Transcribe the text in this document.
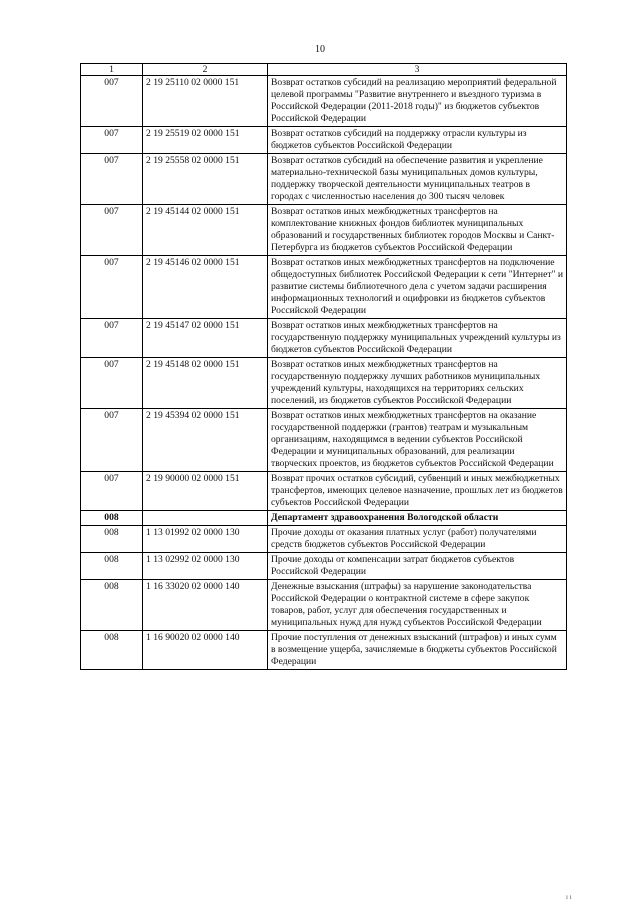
10
1	2	3
007	2 19 25110 02 0000 151	Возврат остатков субсидий на реализацию мероприятий федеральной целевой программы "Развитие внутреннего и въездного туризма в Российской Федерации (2011-2018 годы)" из бюджетов субъектов Российской Федерации
007	2 19 25519 02 0000 151	Возврат остатков субсидий на поддержку отрасли культуры из бюджетов субъектов Российской Федерации
007	2 19 25558 02 0000 151	Возврат остатков субсидий на обеспечение развития и укрепление материально-технической базы муниципальных домов культуры, поддержку творческой деятельности муниципальных театров в городах с численностью населения до 300 тысяч человек
007	2 19 45144 02 0000 151	Возврат остатков иных межбюджетных трансфертов на комплектование книжных фондов библиотек муниципальных образований и государственных библиотек городов Москвы и Санкт-Петербурга из бюджетов субъектов Российской Федерации
007	2 19 45146 02 0000 151	Возврат остатков иных межбюджетных трансфертов на подключение общедоступных библиотек Российской Федерации к сети "Интернет" и развитие системы библиотечного дела с учетом задачи расширения информационных технологий и оцифровки из бюджетов субъектов Российской Федерации
007	2 19 45147 02 0000 151	Возврат остатков иных межбюджетных трансфертов на государственную поддержку муниципальных учреждений культуры из бюджетов субъектов Российской Федерации
007	2 19 45148 02 0000 151	Возврат остатков иных межбюджетных трансфертов на государственную поддержку лучших работников муниципальных учреждений культуры, находящихся на территориях сельских поселений, из бюджетов субъектов Российской Федерации
007	2 19 45394 02 0000 151	Возврат остатков иных межбюджетных трансфертов на оказание государственной поддержки (грантов) театрам и музыкальным организациям, находящимся в ведении субъектов Российской Федерации и муниципальных образований, для реализации творческих проектов, из бюджетов субъектов Российской Федерации
007	2 19 90000 02 0000 151	Возврат прочих остатков субсидий, субвенций и иных межбюджетных трансфертов, имеющих целевое назначение, прошлых лет из бюджетов субъектов Российской Федерации
008		Департамент здравоохранения Вологодской области
008	1 13 01992 02 0000 130	Прочие доходы от оказания платных услуг (работ) получателями средств бюджетов субъектов Российской Федерации
008	1 13 02992 02 0000 130	Прочие доходы от компенсации затрат бюджетов субъектов Российской Федерации
008	1 16 33020 02 0000 140	Денежные взыскания (штрафы) за нарушение законодательства Российской Федерации о контрактной системе в сфере закупок товаров, работ, услуг для обеспечения государственных и муниципальных нужд для нужд субъектов Российской Федерации
008	1 16 90020 02 0000 140	Прочие поступления от денежных взысканий (штрафов) и иных сумм в возмещение ущерба, зачисляемые в бюджеты субъектов Российской Федерации
ı ı
